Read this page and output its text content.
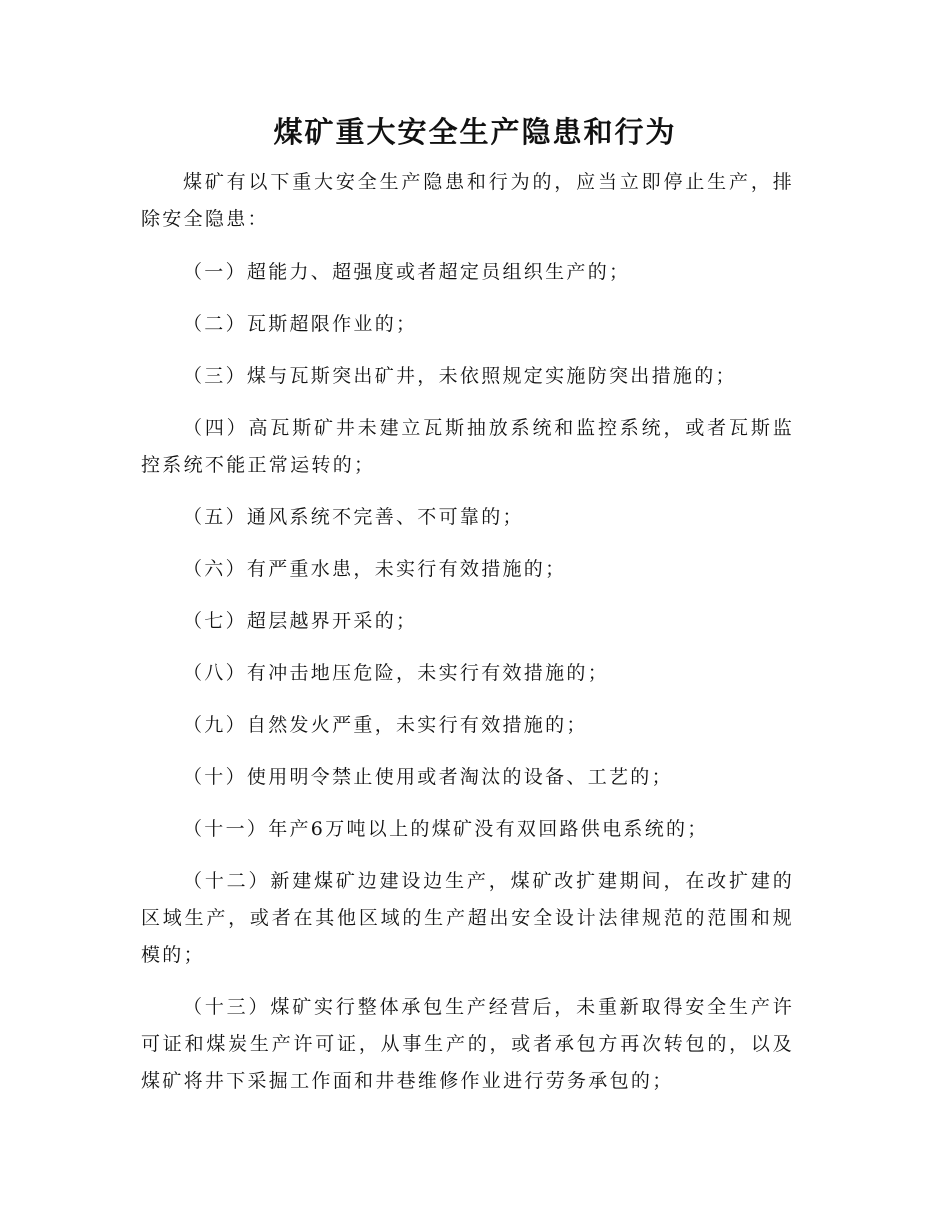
煤矿重大安全生产隐患和行为

煤矿有以下重大安全生产隐患和行为的，应当立即停止生产，排除安全隐患：

（一）超能力、超强度或者超定员组织生产的；

（二）瓦斯超限作业的；

（三）煤与瓦斯突出矿井，未依照规定实施防突出措施的；

（四）高瓦斯矿井未建立瓦斯抽放系统和监控系统，或者瓦斯监控系统不能正常运转的；

（五）通风系统不完善、不可靠的；

（六）有严重水患，未实行有效措施的；

（七）超层越界开采的；

（八）有冲击地压危险，未实行有效措施的；

（九）自然发火严重，未实行有效措施的；

（十）使用明令禁止使用或者淘汰的设备、工艺的；

（十一）年产6万吨以上的煤矿没有双回路供电系统的；

（十二）新建煤矿边建设边生产，煤矿改扩建期间，在改扩建的区域生产，或者在其他区域的生产超出安全设计法律规范的范围和规模的；

（十三）煤矿实行整体承包生产经营后，未重新取得安全生产许可证和煤炭生产许可证，从事生产的，或者承包方再次转包的，以及煤矿将井下采掘工作面和井巷维修作业进行劳务承包的；
